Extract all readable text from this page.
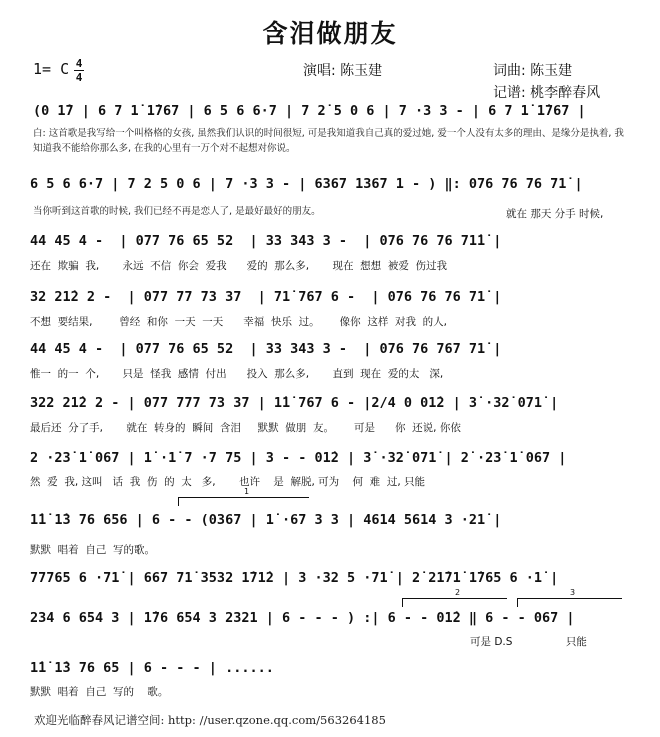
含泪做朋友
1= C 4
4	演唱: 陈玉建	词曲: 陈玉建
记谱: 桃李醉春风
(0 1̇7 | 6 7 1̇ 1̇767 | 6 5 6 6·7 | 7 2̇ 5 0 6 | 7 ·3 3 - | 6 7 1̇ 1̇767 |
白: 这首歌是我写给一个叫格格的女孩, 虽然我们认识的时间很短, 可是我知道我自己真的爱过她, 爱一个人没有太多的理由、是缘分是执着, 我知道我不能给你那么多, 在我的心里有一万个对不起想对你说。
6 5 6 6·7 | 7 2 5 0 6 | 7 ·3 3 - | 6367 1367 1 - ) ‖: 076 76 76 71̇ |
当你听到这首歌的时候, 我们已经不再是恋人了, 是最好最好的朋友。	就在 那天 分手 时候,
44 45 4 -  | 077 76 65 52  | 33 343 3 -  | 076 76 76 71̇1̇ |
还在  欺骗  我,       永远  不信  你会  爱我      爱的  那么多,       现在  想想  被爱  伤过我
32 21̇2 2 -  | 077 77 73 37  | 71̇ 767 6 -  | 076 76 76 71̇ |
不想  要结果,        曾经  和你  一天  一天      幸福  快乐  过。      像你  这样  对我  的人,
44 45 4 -  | 077 76 65 52  | 33 343 3 -  | 076 76 767 71̇ |
惟一  的一  个,       只是  怪我  感情  付出      投入  那么多,       直到  现在  爱的太   深,
322 21̇2 2 - | 077 777 73 37 | 1̇1̇ 767 6 - |2/4 0 01̇2 | 3̇ ·32̇ 071̇ |
最后还  分了手,       就在  转身的  瞬间  含泪     默默  做朋  友。      可是      你  还说, 你依
2 ·23̇ 1̇ 067 | 1̇ ·1̇ 7 ·7 75 | 3 - - 01̇2 | 3̇ ·32̇ 071̇ | 2̇ ·23̇ 1̇ 067 |
然  爱  我, 这叫   话  我  伤  的  太   多,       也许    是  解脱, 可为    何  难  过, 只能
1
1̇1̇ 1̇3 76 656 | 6 - - (0367 | 1̇ ·67 3 3 | 4614 5614 3 ·21̇ |
默默  唱着  自己  写的歌。
77765 6 ·71̇ | 667 71̇ 3532 1̇71̇2 | 3 ·32 5 ·71̇ | 2̇ 21̇71̇ 1̇765 6 ·1̇ |
2	3
234 6 654 3 | 1̇76 654 3 2321 | 6 - - - ) :| 6 - - 01̇2 ‖ 6 - - 067 |
可是 D.S                只能
1̇1̇ 1̇3 76 65 | 6 - - - | ......
默默  唱着  自己  写的    歌。
欢迎光临醉春风记谱空间: http: //user.qzone.qq.com/563264185
